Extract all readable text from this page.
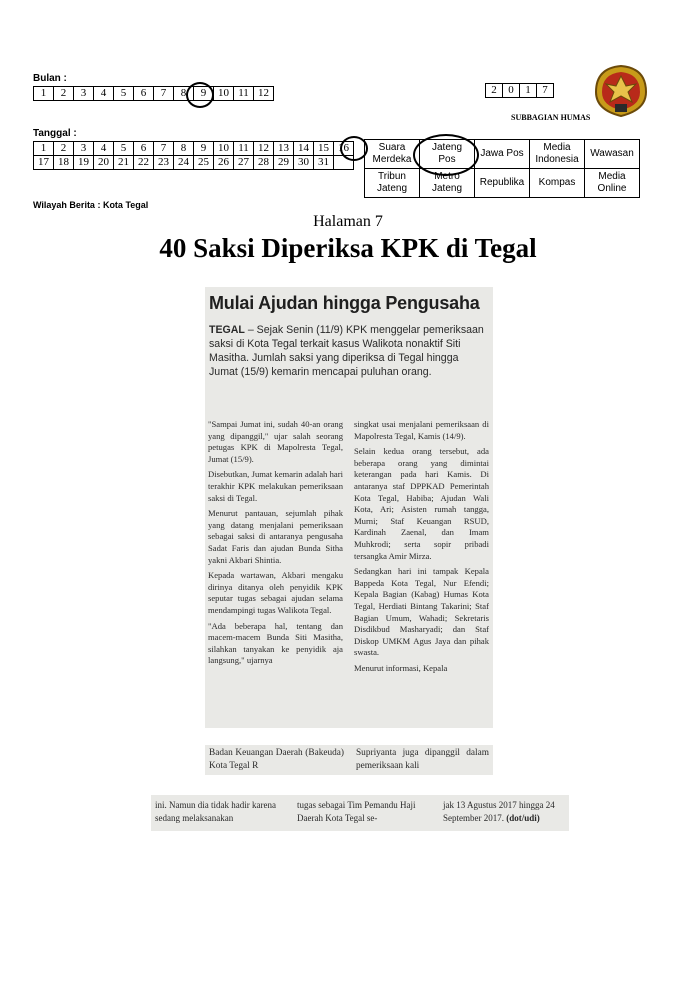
Bulan :
1	2	3	4	5	6	7	8	9	10	11	12	2	0	1	7
SUBBAGIAN HUMAS
Tanggal :
1	2	3	4	5	6	7	8	9	10	11	12	13	14	15	16
17	18	19	20	21	22	23	24	25	26	27	28	29	30	31	
Suara Merdeka	Jateng Pos	Jawa Pos	Media Indonesia	Wawasan
Tribun Jateng	Metro Jateng	Republika	Kompas	Media Online
Wilayah Berita : Kota Tegal
Halaman 7
40 Saksi Diperiksa KPK di Tegal
Mulai Ajudan hingga Pengusaha
TEGAL – Sejak Senin (11/9) KPK menggelar pemeriksaan saksi di Kota Tegal terkait kasus Walikota nonaktif Siti Masitha. Jumlah saksi yang diperiksa di Tegal hingga Jumat (15/9) kemarin mencapai puluhan orang.

"Sampai Jumat ini, sudah 40-an orang yang dipanggil," ujar salah seorang petugas KPK di Mapolresta Tegal, Jumat (15/9).

Disebutkan, Jumat kemarin adalah hari terakhir KPK melakukan pemeriksaan saksi di Tegal.

Menurut pantauan, sejumlah pihak yang datang menjalani pemeriksaan sebagai saksi di antaranya pengusaha Sadat Faris dan ajudan Bunda Sitha yakni Akbari Shintia.

Kepada wartawan, Akbari mengaku dirinya ditanya oleh penyidik KPK seputar tugas sebagai ajudan selama mendampingi tugas Walikota Tegal.

"Ada beberapa hal, tentang dan macem-macem Bunda Siti Masitha, silahkan tanyakan ke penyidik aja langsung," ujarnya

singkat usai menjalani pemeriksaan di Mapolresta Tegal, Kamis (14/9).

Selain kedua orang tersebut, ada beberapa orang yang dimintai keterangan pada hari Kamis. Di antaranya staf DPPKAD Pemerintah Kota Tegal, Habiba; Ajudan Wali Kota, Ari; Asisten rumah tangga, Murni; Staf Keuangan RSUD, Kardinah Zaenal, dan Imam Muhkrodi; serta sopir pribadi tersangka Amir Mirza.

Sedangkan hari ini tampak Kepala Bappeda Kota Tegal, Nur Efendi; Kepala Bagian (Kabag) Humas Kota Tegal, Herdiati Bintang Takarini; Staf Bagian Umum, Wahadi; Sekretaris Disdikbud Masharyadi; dan Staf Diskop UMKM Agus Jaya dan pihak swasta.

Menurut informasi, Kepala

Badan Keuangan Daerah (Bakeuda) Kota Tegal R
Supriyanta juga dipanggil dalam pemeriksaan kali
ini. Namun dia tidak hadir karena sedang melaksanakan
tugas sebagai Tim Pemandu Haji Daerah Kota Tegal se-
jak 13 Agustus 2017 hingga 24 September 2017. (dot/udi)
